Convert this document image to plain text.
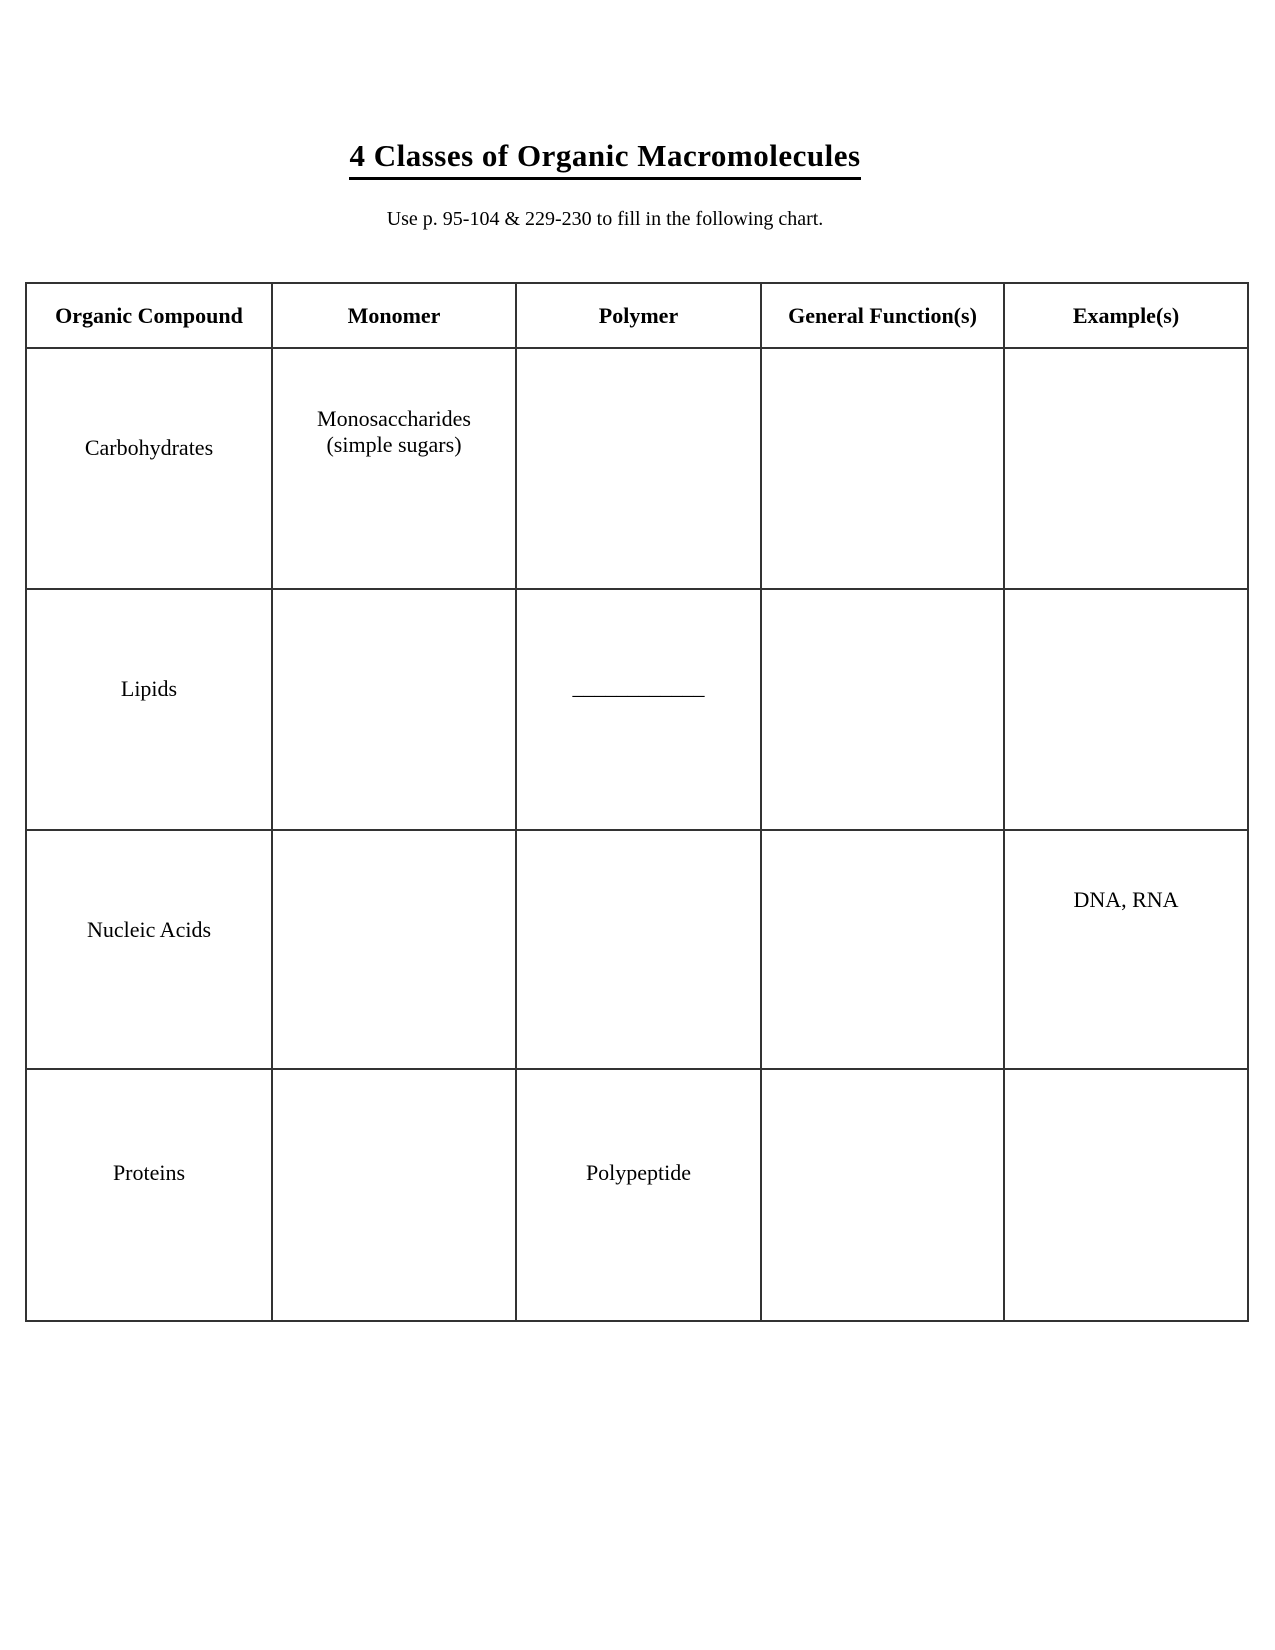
4 Classes of Organic Macromolecules
Use p. 95-104 & 229-230 to fill in the following chart.
Organic Compound	Monomer	Polymer	General Function(s)	Example(s)
Carbohydrates	Monosaccharides
(simple sugars)			

Lipids		____________		
Nucleic Acids				DNA, RNA
Proteins		Polypeptide		
